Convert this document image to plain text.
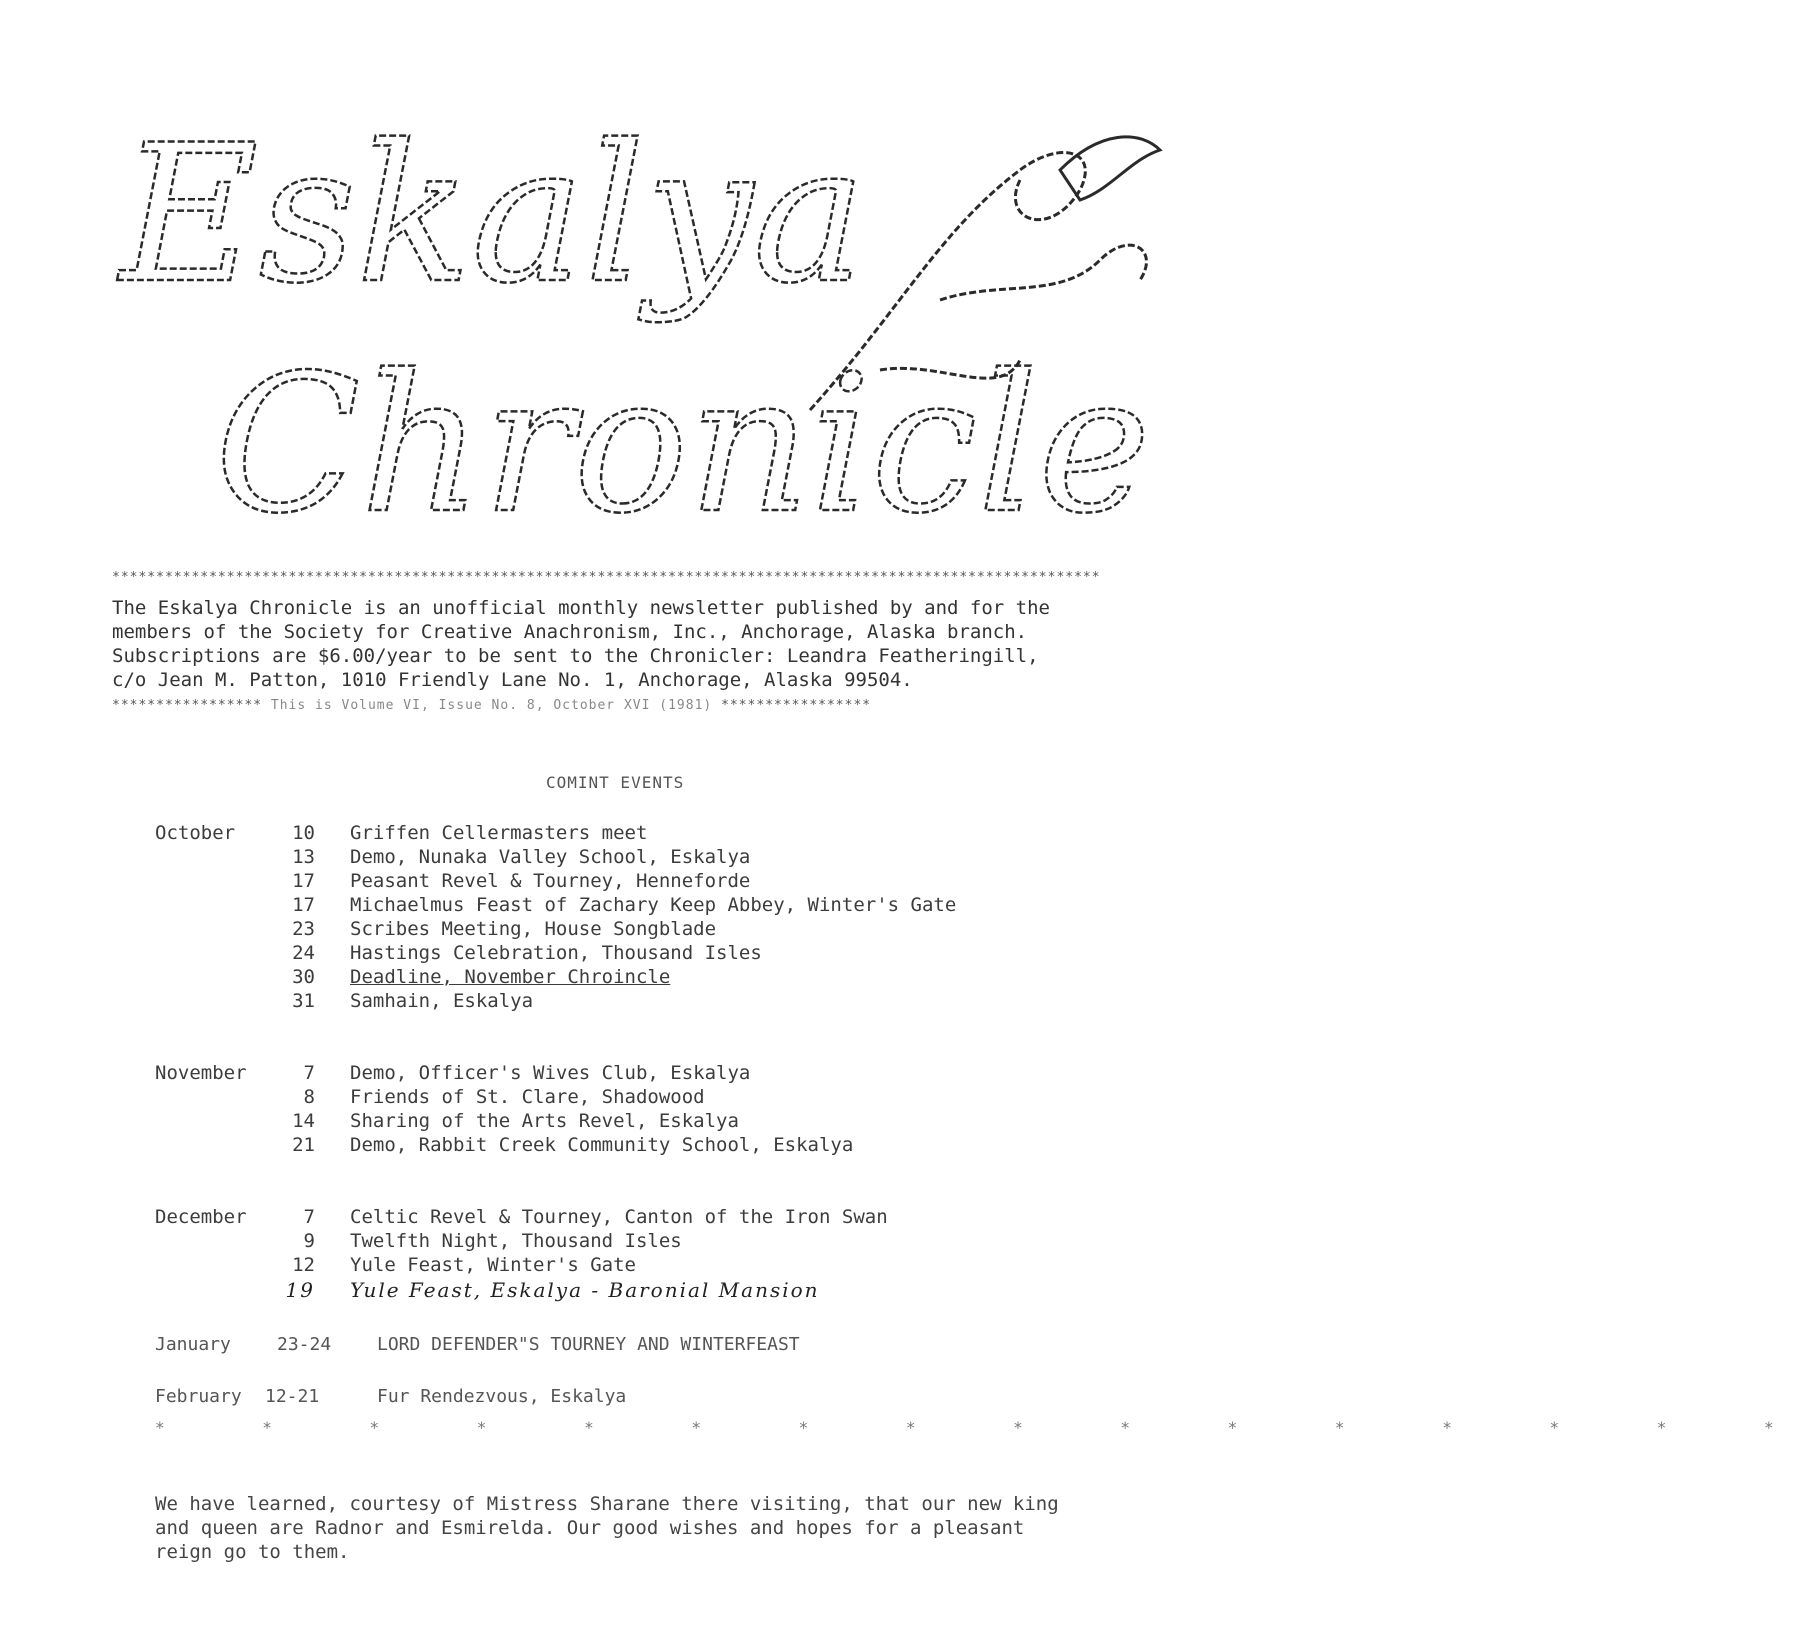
Eskalya
Chronicle
****************************************************************************************************************
The Eskalya Chronicle is an unofficial monthly newsletter published by and for the
members of the Society for Creative Anachronism, Inc., Anchorage, Alaska branch.
Subscriptions are $6.00/year to be sent to the Chronicler: Leandra Featheringill,
c/o Jean M. Patton, 1010 Friendly Lane No. 1, Anchorage, Alaska 99504.
***************** This is Volume VI, Issue No. 8, October XVI (1981) *****************
COMINT EVENTS
October	10 Griffen Cellermasters meet
13 Demo, Nunaka Valley School, Eskalya
17 Peasant Revel & Tourney, Henneforde
17 Michaelmus Feast of Zachary Keep Abbey, Winter's Gate
23 Scribes Meeting, House Songblade
24 Hastings Celebration, Thousand Isles
30 Deadline, November Chroincle
31 Samhain, Eskalya
November	7 Demo, Officer's Wives Club, Eskalya
8 Friends of St. Clare, Shadowood
14 Sharing of the Arts Revel, Eskalya
21 Demo, Rabbit Creek Community School, Eskalya
December	7 Celtic Revel & Tourney, Canton of the Iron Swan
9 Twelfth Night, Thousand Isles
12 Yule Feast, Winter's Gate
19 Yule Feast, Eskalya - Baronial Mansion
January	23-24	LORD DEFENDER"S TOURNEY AND WINTERFEAST
February 12-21	Fur Rendezvous, Eskalya
* * * * * * * * * * * * * * * *
We have learned, courtesy of Mistress Sharane there visiting, that our new king
and queen are Radnor and Esmirelda. Our good wishes and hopes for a pleasant
reign go to them.
